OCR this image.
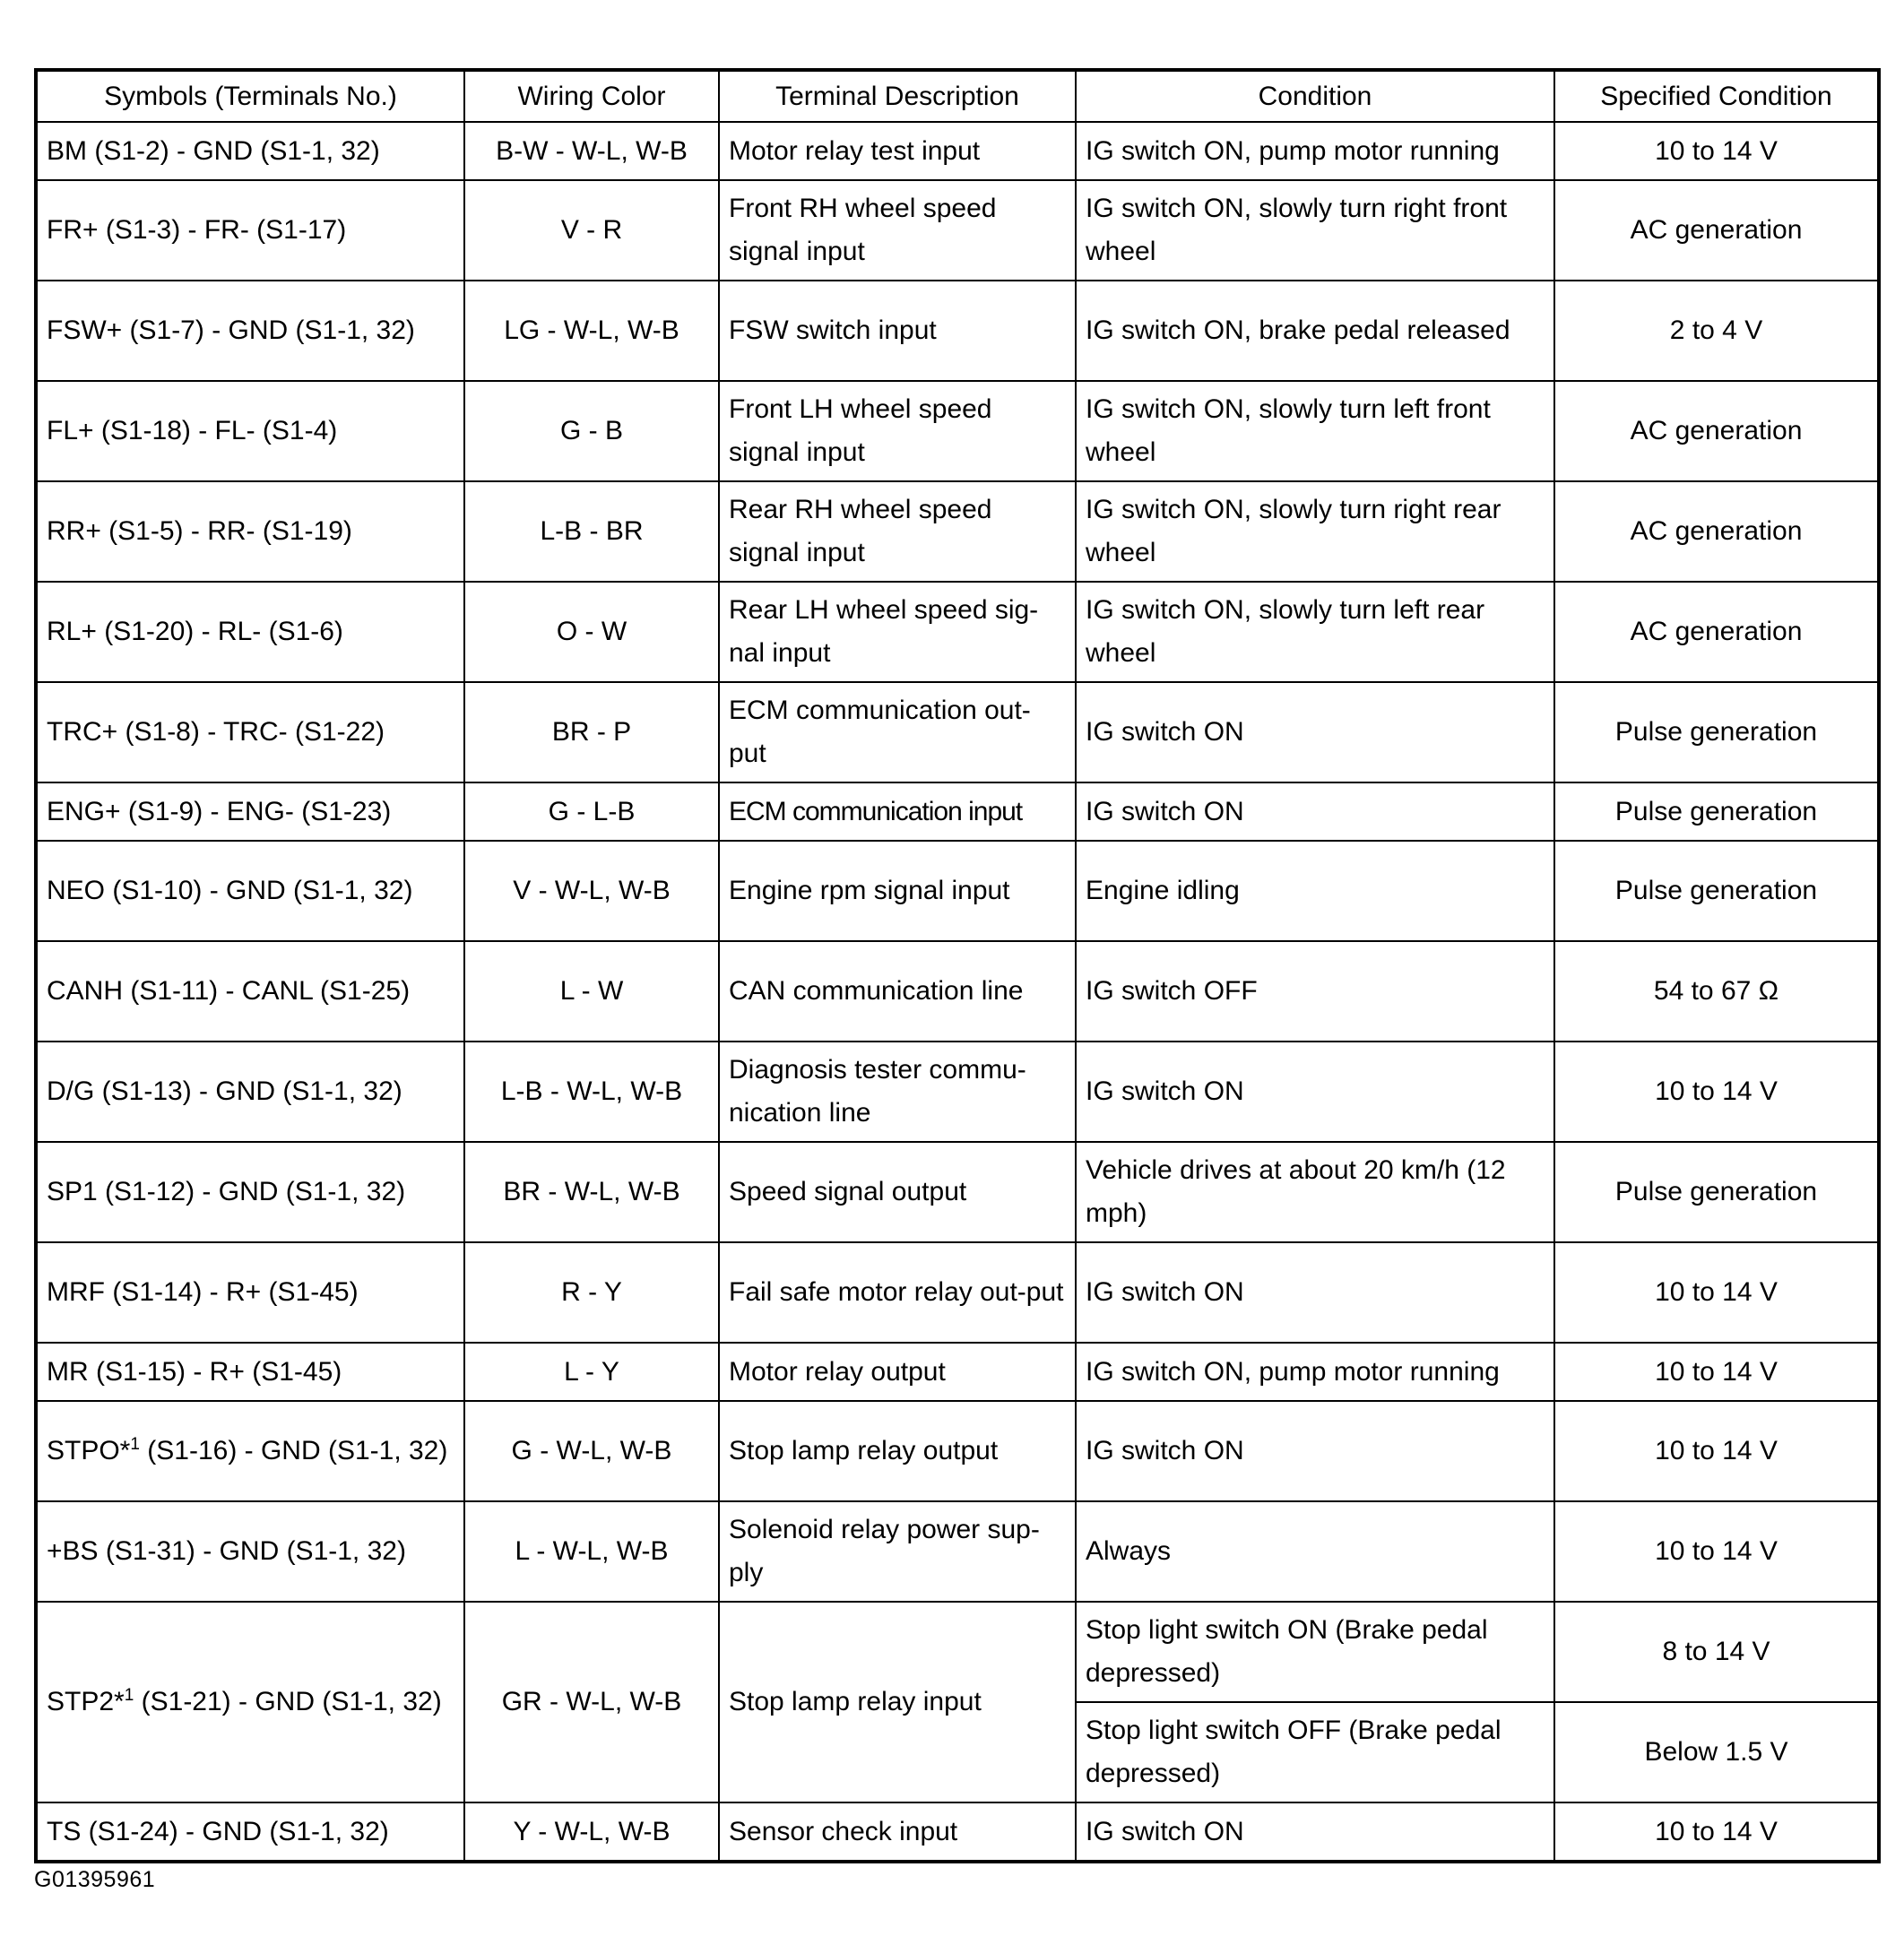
Symbols (Terminals No.)	Wiring Color	Terminal Description	Condition	Specified Condition
BM (S1-2) - GND (S1-1, 32)	B-W - W-L, W-B	Motor relay test input	IG switch ON, pump motor running	10 to 14 V
FR+ (S1-3) - FR- (S1-17)	V - R	Front RH wheel speed signal input	IG switch ON, slowly turn right front wheel	AC generation
FSW+ (S1-7) - GND (S1-1, 32)	LG - W-L, W-B	FSW switch input	IG switch ON, brake pedal released	2 to 4 V
FL+ (S1-18) - FL- (S1-4)	G - B	Front LH wheel speed signal input	IG switch ON, slowly turn left front wheel	AC generation
RR+ (S1-5) - RR- (S1-19)	L-B - BR	Rear RH wheel speed signal input	IG switch ON, slowly turn right rear wheel	AC generation
RL+ (S1-20) - RL- (S1-6)	O - W	Rear LH wheel speed sig-nal input	IG switch ON, slowly turn left rear wheel	AC generation
TRC+ (S1-8) - TRC- (S1-22)	BR - P	ECM communication out-put	IG switch ON	Pulse generation
ENG+ (S1-9) - ENG- (S1-23)	G - L-B	ECM communication input	IG switch ON	Pulse generation
NEO (S1-10) - GND (S1-1, 32)	V - W-L, W-B	Engine rpm signal input	Engine idling	Pulse generation
CANH (S1-11) - CANL (S1-25)	L - W	CAN communication line	IG switch OFF	54 to 67 Ω
D/G (S1-13) - GND (S1-1, 32)	L-B - W-L, W-B	Diagnosis tester commu-nication line	IG switch ON	10 to 14 V
SP1 (S1-12) - GND (S1-1, 32)	BR - W-L, W-B	Speed signal output	Vehicle drives at about 20 km/h (12 mph)	Pulse generation
MRF (S1-14) - R+ (S1-45)	R - Y	Fail safe motor relay out-put	IG switch ON	10 to 14 V
MR (S1-15) - R+ (S1-45)	L - Y	Motor relay output	IG switch ON, pump motor running	10 to 14 V
STPO*$^1$ (S1-16) - GND (S1-1, 32)	G - W-L, W-B	Stop lamp relay output	IG switch ON	10 to 14 V
+BS (S1-31) - GND (S1-1, 32)	L - W-L, W-B	Solenoid relay power sup-ply	Always	10 to 14 V
STP2*$^1$ (S1-21) - GND (S1-1, 32)	GR - W-L, W-B	Stop lamp relay input	Stop light switch ON (Brake pedal depressed)	8 to 14 V
			Stop light switch OFF (Brake pedal depressed)	Below 1.5 V
TS (S1-24) - GND (S1-1, 32)	Y - W-L, W-B	Sensor check input	IG switch ON	10 to 14 V
G01395961
